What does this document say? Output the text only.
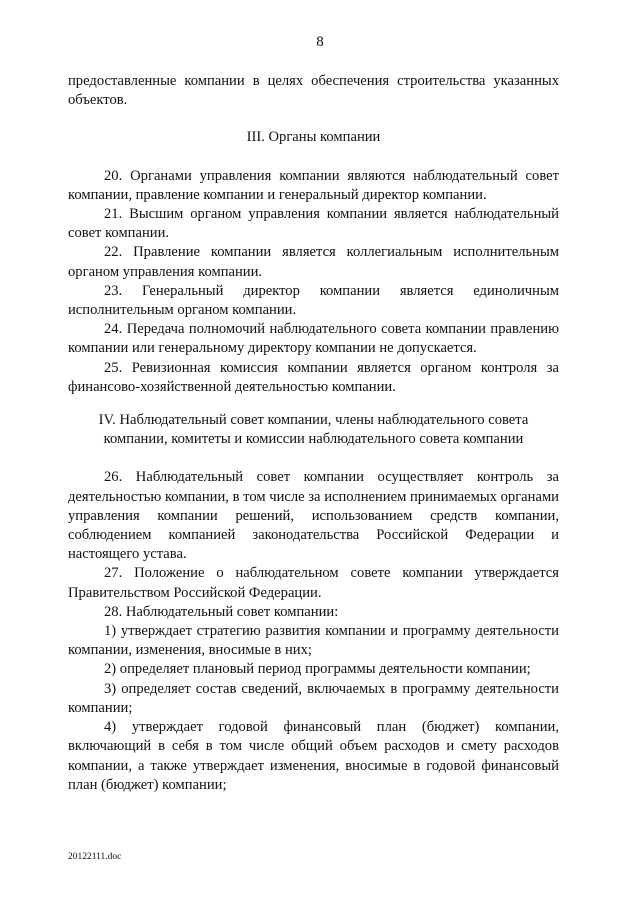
8

предоставленные компании в целях обеспечения строительства указанных объектов.

III. Органы компании

20. Органами управления компании являются наблюдательный совет компании, правление компании и генеральный директор компании.

21. Высшим органом управления компании является наблюдательный совет компании.

22. Правление компании является коллегиальным исполнительным органом управления компании.

23. Генеральный директор компании является единоличным исполнительным органом компании.

24. Передача полномочий наблюдательного совета компании правлению компании или генеральному директору компании не допускается.

25. Ревизионная комиссия компании является органом контроля за финансово-хозяйственной деятельностью компании.

IV. Наблюдательный совет компании, члены наблюдательного совета

компании, комитеты и комиссии наблюдательного совета компании

26. Наблюдательный совет компании осуществляет контроль за деятельностью компании, в том числе за исполнением принимаемых органами управления компании решений, использованием средств компании, соблюдением компанией законодательства Российской Федерации и настоящего устава.

27. Положение о наблюдательном совете компании утверждается Правительством Российской Федерации.

28. Наблюдательный совет компании:

1) утверждает стратегию развития компании и программу деятельности компании, изменения, вносимые в них;

2) определяет плановый период программы деятельности компании;

3) определяет состав сведений, включаемых в программу деятельности компании;

4) утверждает годовой финансовый план (бюджет) компании, включающий в себя в том числе общий объем расходов и смету расходов компании, а также утверждает изменения, вносимые в годовой финансовый план (бюджет) компании;

20122111.doc
